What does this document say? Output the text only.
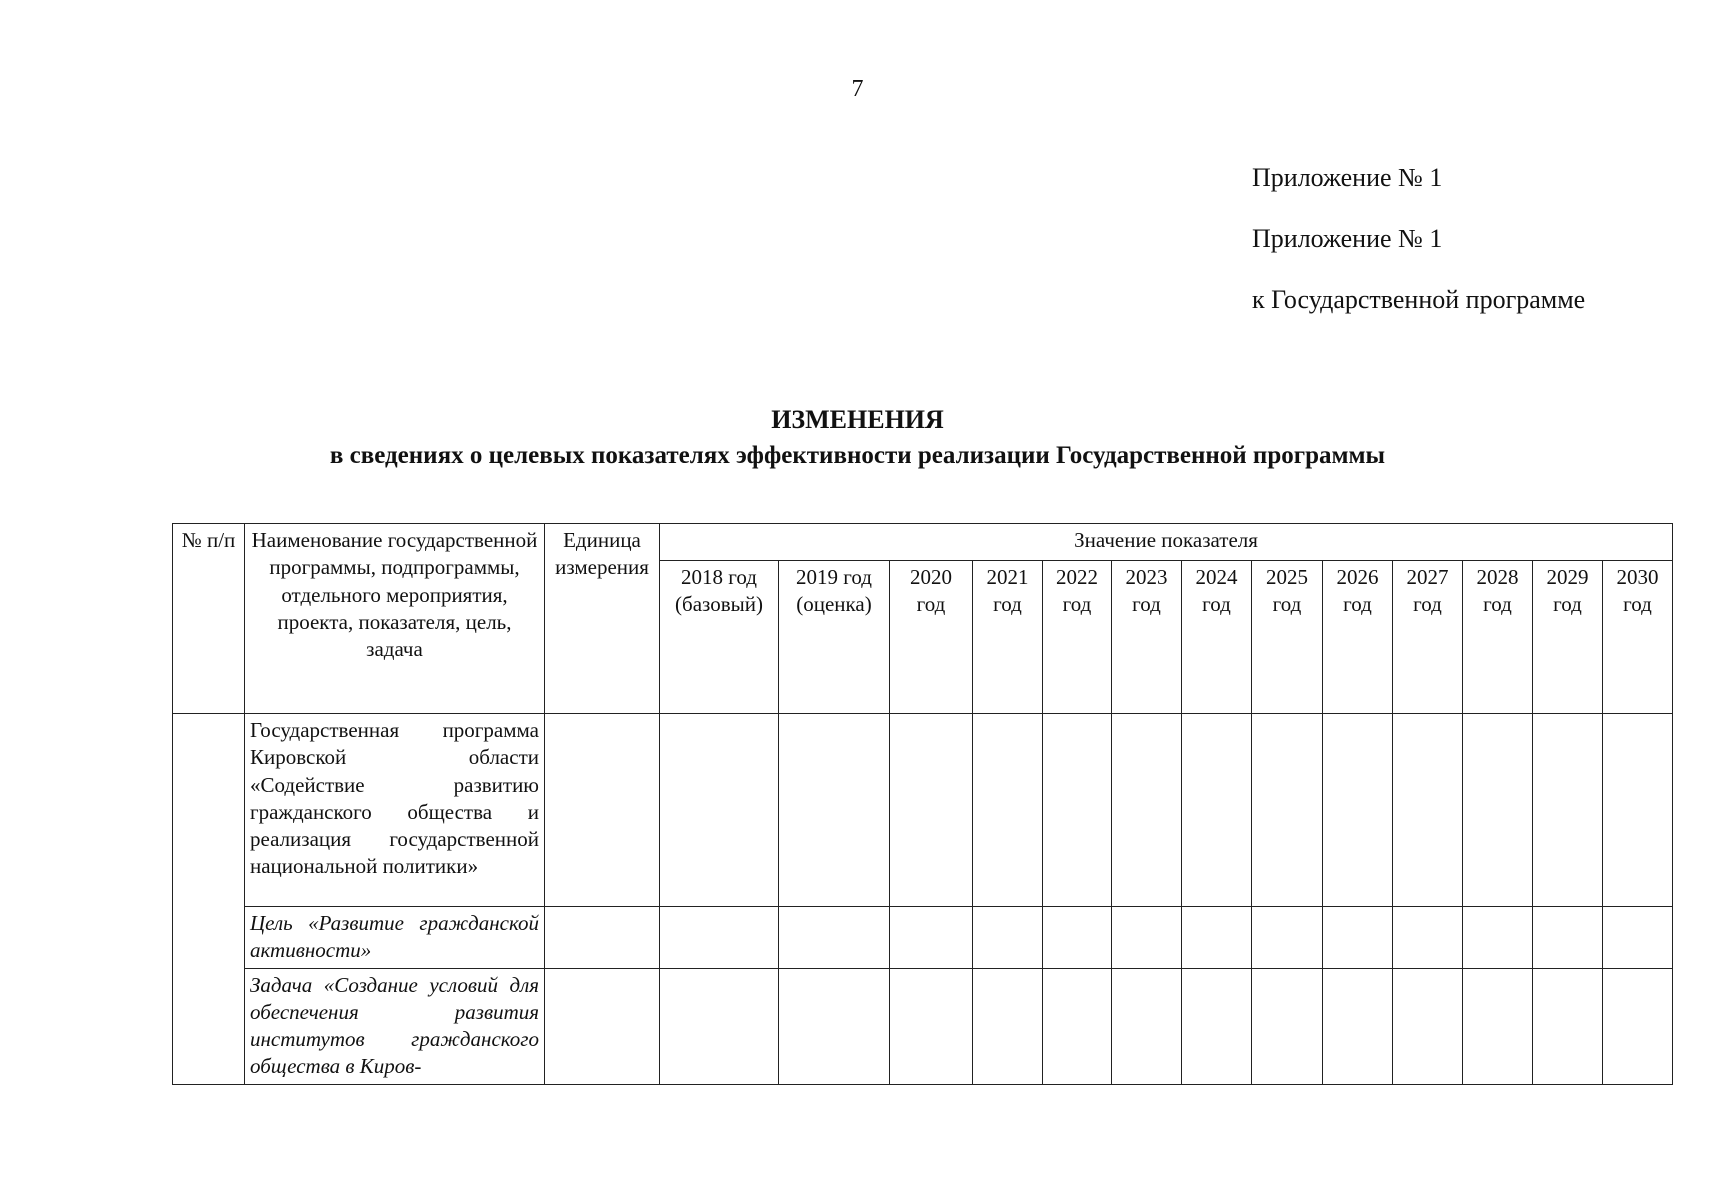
7
Приложение № 1
Приложение № 1
к Государственной программе
ИЗМЕНЕНИЯ
в сведениях о целевых показателях эффективности реализации Государственной программы
№ п/п	Наименование государственной программы, подпрограммы, отдельного мероприятия, проекта, показателя, цель, задача	Единица измерения	Значение показателя												
			2018 год (базовый)	2019 год (оценка)	2020 год	2021 год	2022 год	2023 год	2024 год	2025 год	2026 год	2027 год	2028 год	2029 год	2030 год
	Государственная программа Кировской области «Содействие развитию гражданского общества и реализация государственной национальной политики»														
	Цель «Развитие гражданской активности»														
	Задача «Создание условий для обеспечения развития институтов гражданского общества в Киров-														
